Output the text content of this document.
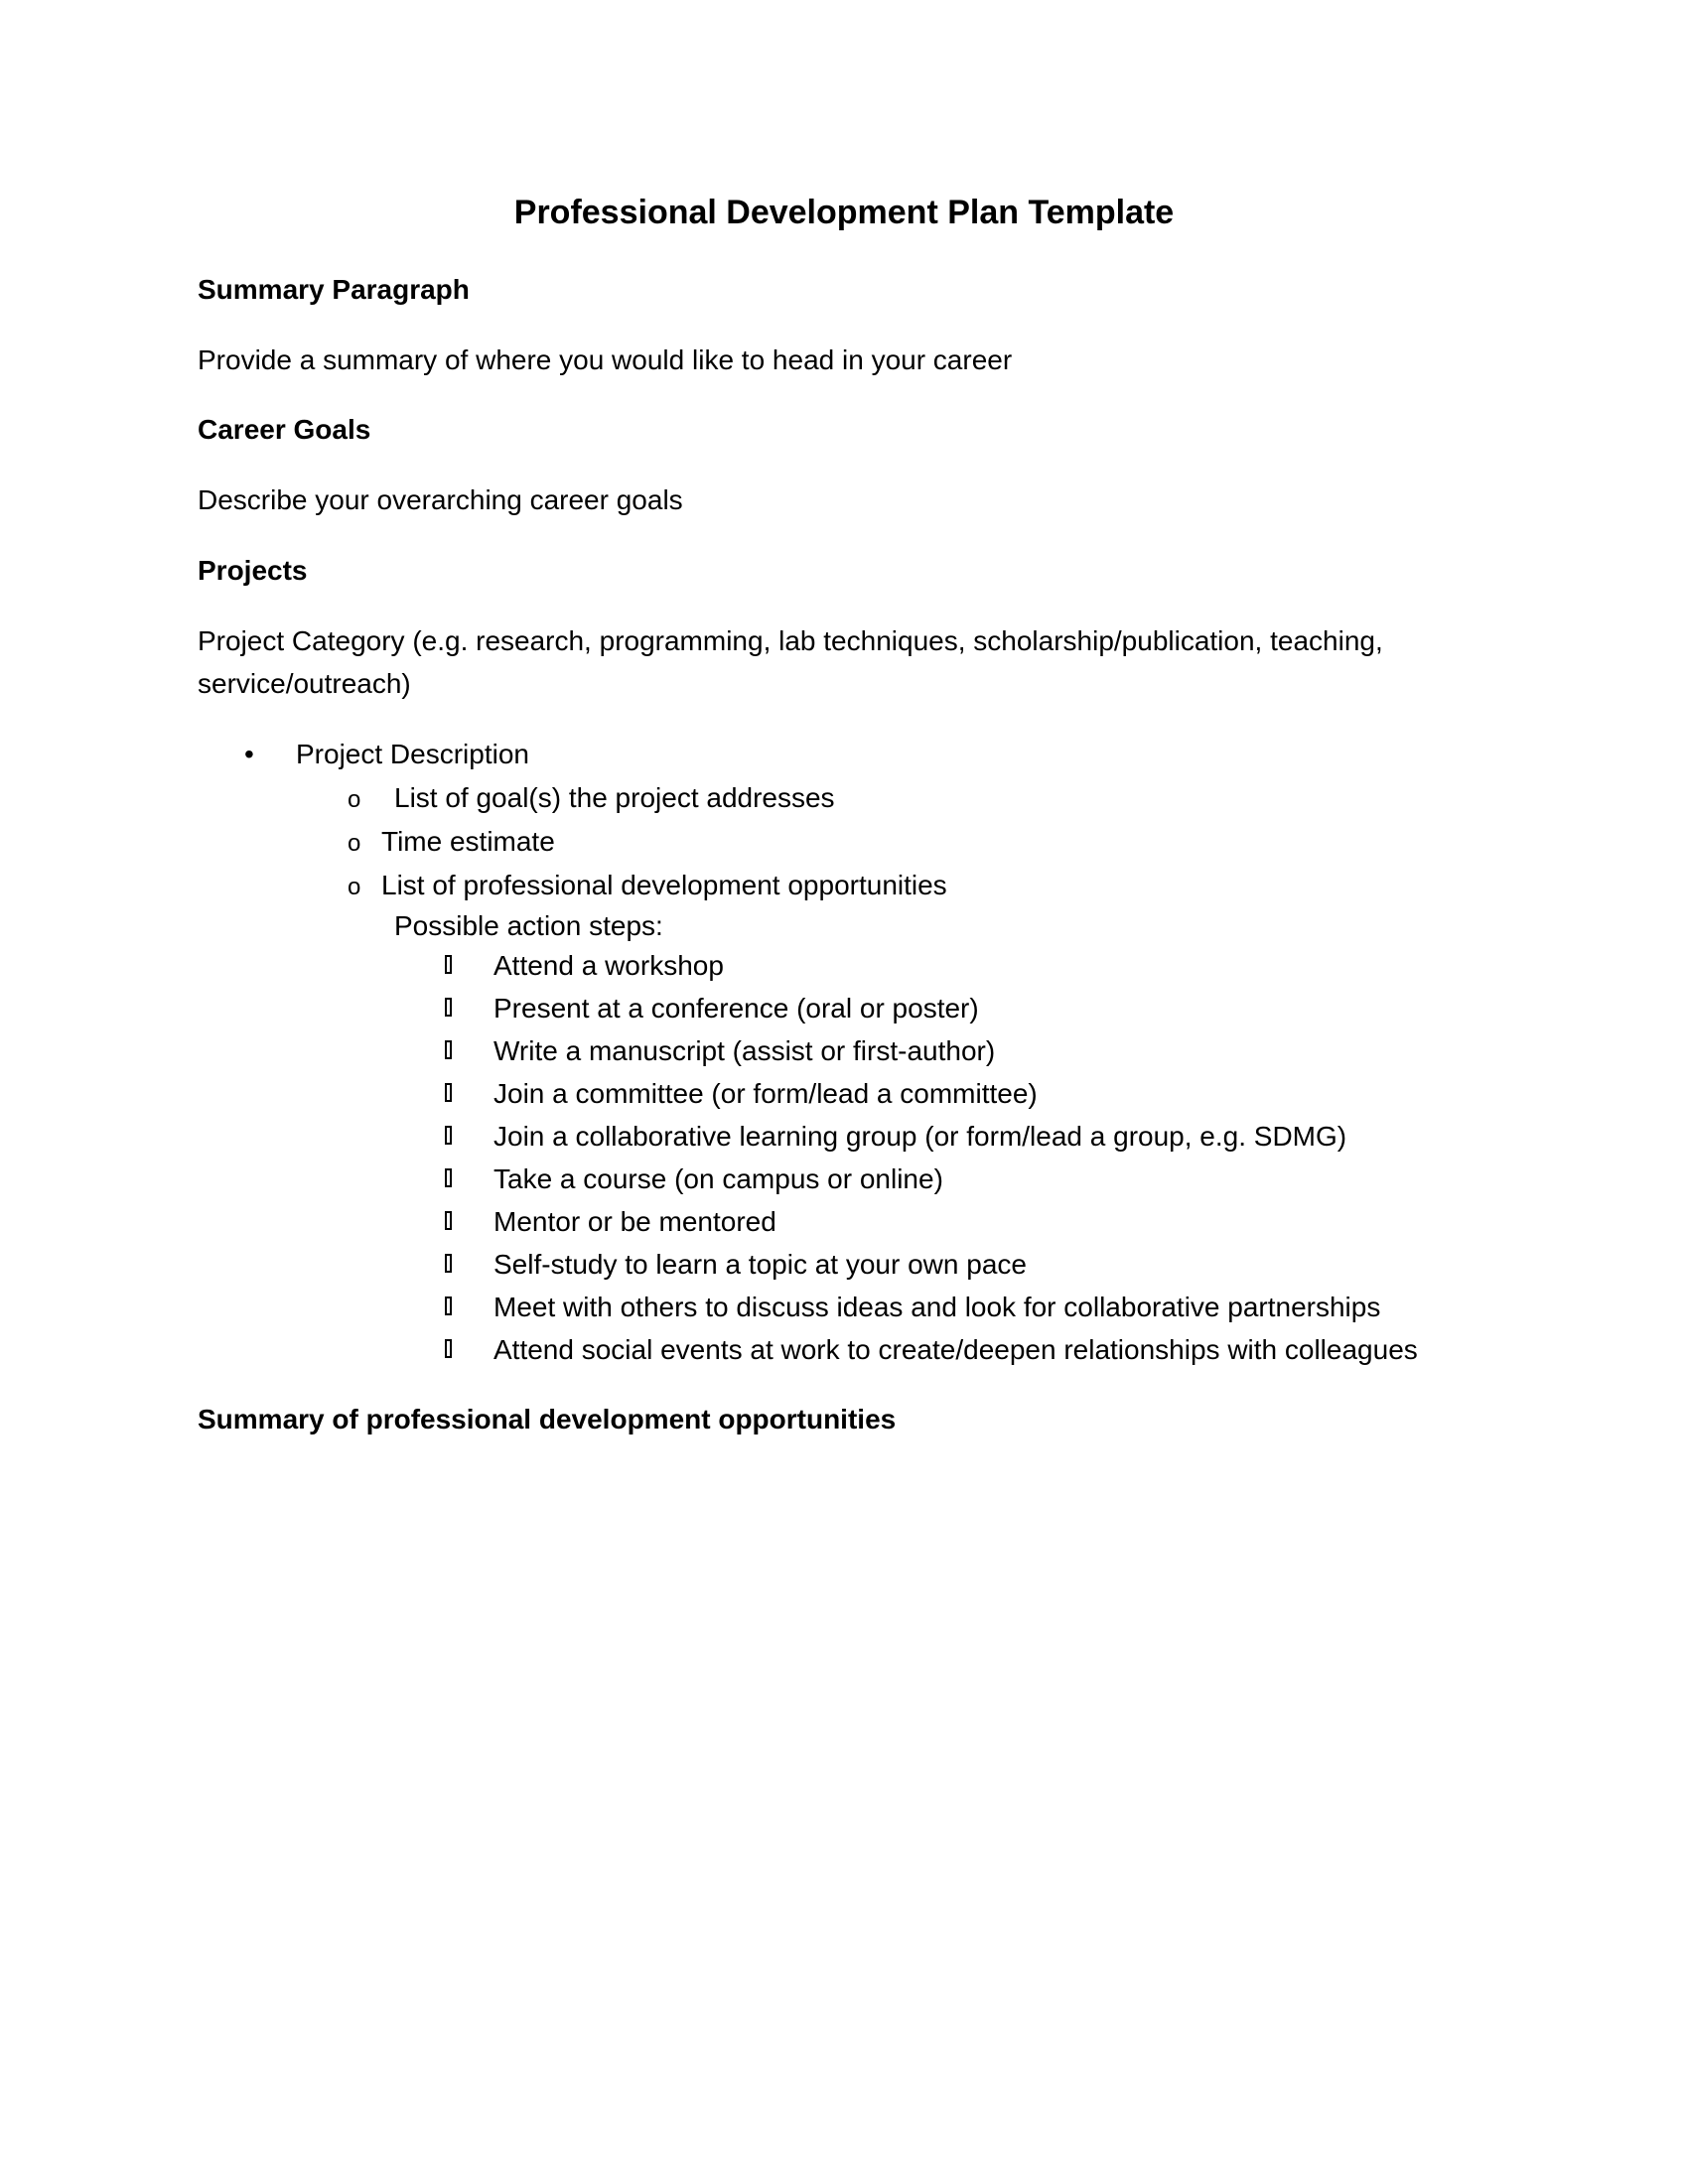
Professional Development Plan Template
Summary Paragraph
Provide a summary of where you would like to head in your career
Career Goals
Describe your overarching career goals
Projects
Project Category (e.g. research, programming, lab techniques, scholarship/publication, teaching,
service/outreach)
• Project Description
o List of goal(s) the project addresses
o Time estimate
o List of professional development opportunities
Possible action steps:
Attend a workshop
Present at a conference (oral or poster)
Write a manuscript (assist or first-author)
Join a committee (or form/lead a committee)
Join a collaborative learning group (or form/lead a group, e.g. SDMG)
Take a course (on campus or online)
Mentor or be mentored
Self-study to learn a topic at your own pace
Meet with others to discuss ideas and look for collaborative partnerships
Attend social events at work to create/deepen relationships with colleagues
Summary of professional development opportunities
